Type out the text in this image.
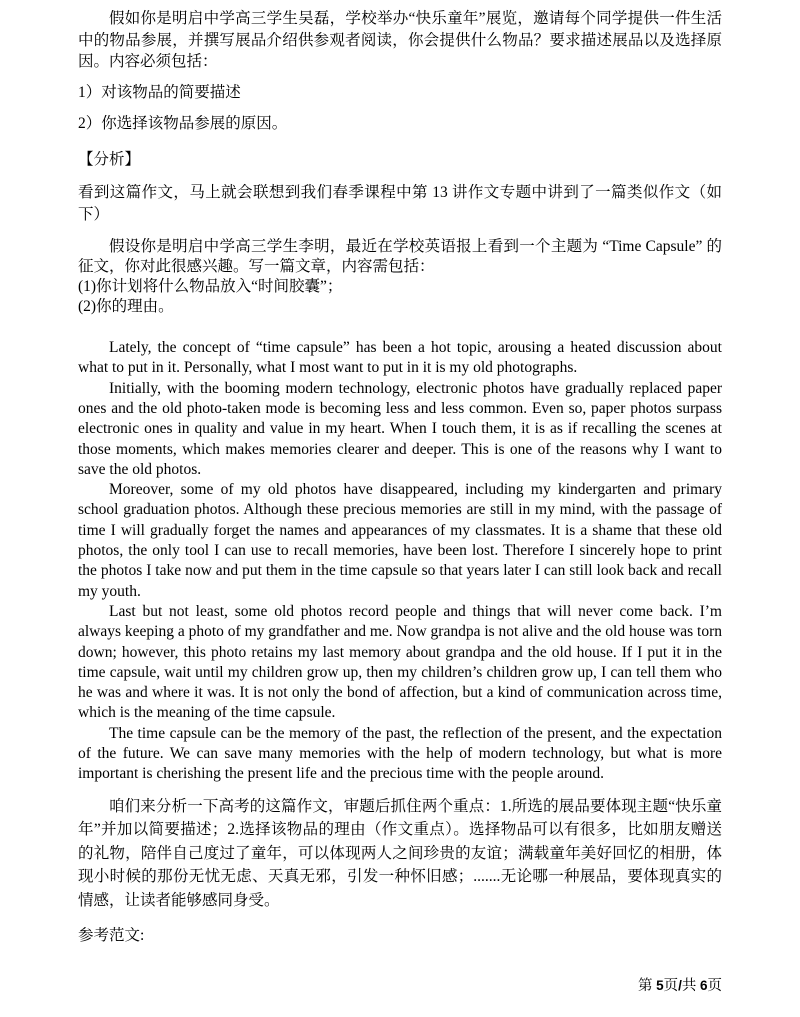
假如你是明启中学高三学生吴磊，学校举办“快乐童年”展览，邀请每个同学提供一件生活中的物品参展，并撰写展品介绍供参观者阅读，你会提供什么物品？要求描述展品以及选择原因。内容必须包括：

1）对该物品的简要描述

2）你选择该物品参展的原因。

【分析】

看到这篇作文，马上就会联想到我们春季课程中第 13 讲作文专题中讲到了一篇类似作文（如下）

假设你是明启中学高三学生李明，最近在学校英语报上看到一个主题为 “Time Capsule” 的征文，你对此很感兴趣。写一篇文章，内容需包括：

(1)你计划将什么物品放入“时间胶囊”；

(2)你的理由。

Lately, the concept of “time capsule” has been a hot topic, arousing a heated discussion about what to put in it. Personally, what I most want to put in it is my old photographs.

Initially, with the booming modern technology, electronic photos have gradually replaced paper ones and the old photo-taken mode is becoming less and less common. Even so, paper photos surpass electronic ones in quality and value in my heart. When I touch them, it is as if recalling the scenes at those moments, which makes memories clearer and deeper. This is one of the reasons why I want to save the old photos.

Moreover, some of my old photos have disappeared, including my kindergarten and primary school graduation photos. Although these precious memories are still in my mind, with the passage of time I will gradually forget the names and appearances of my classmates. It is a shame that these old photos, the only tool I can use to recall memories, have been lost. Therefore I sincerely hope to print the photos I take now and put them in the time capsule so that years later I can still look back and recall my youth.

Last but not least, some old photos record people and things that will never come back. I’m always keeping a photo of my grandfather and me. Now grandpa is not alive and the old house was torn down; however, this photo retains my last memory about grandpa and the old house. If I put it in the time capsule, wait until my children grow up, then my children’s children grow up, I can tell them who he was and where it was. It is not only the bond of affection, but a kind of communication across time, which is the meaning of the time capsule.

The time capsule can be the memory of the past, the reflection of the present, and the expectation of the future. We can save many memories with the help of modern technology, but what is more important is cherishing the present life and the precious time with the people around.

咱们来分析一下高考的这篇作文，审题后抓住两个重点：1.所选的展品要体现主题“快乐童年”并加以简要描述；2.选择该物品的理由（作文重点）。选择物品可以有很多，比如朋友赠送的礼物，陪伴自己度过了童年，可以体现两人之间珍贵的友谊；满载童年美好回忆的相册，体现小时候的那份无忧无虑、天真无邪，引发一种怀旧感；.......无论哪一种展品，要体现真实的情感，让读者能够感同身受。

参考范文:

第 5页/共 6页
